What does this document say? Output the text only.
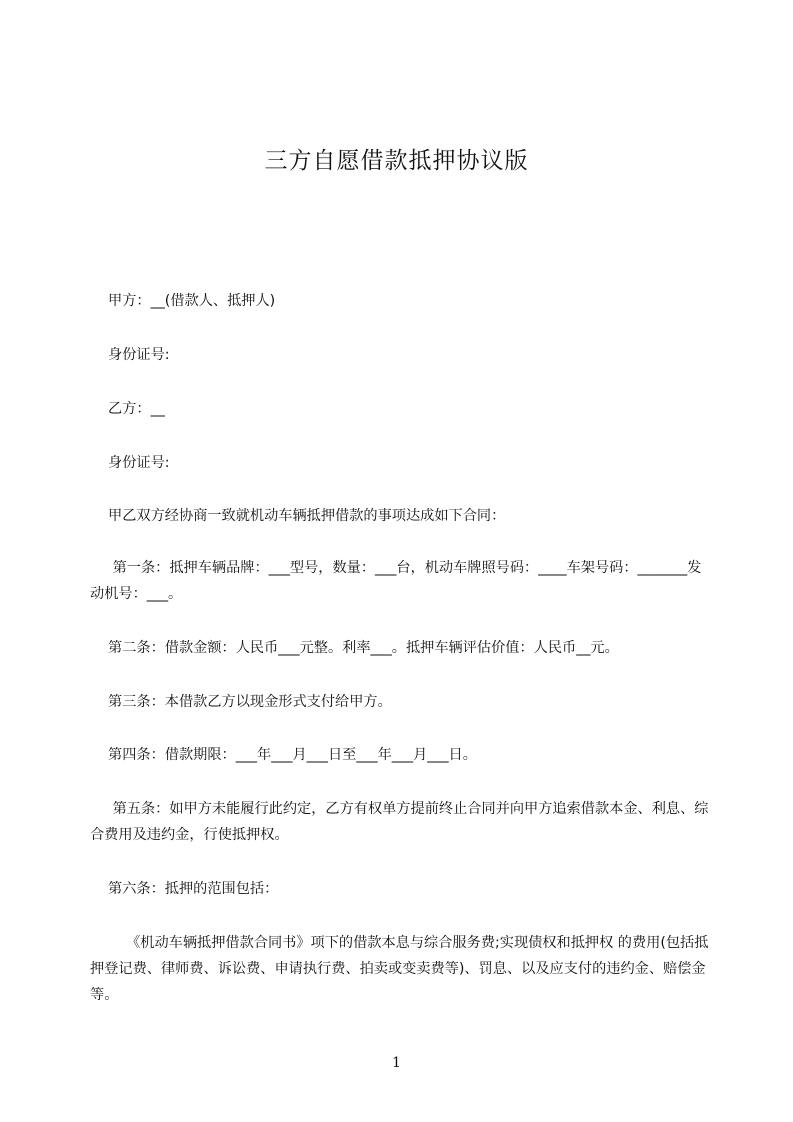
三方自愿借款抵押协议版
甲方：__(借款人、抵押人)
身份证号:
乙方：__
身份证号:
甲乙双方经协商一致就机动车辆抵押借款的事项达成如下合同：
第一条：抵押车辆品牌：___型号，数量：___台，机动车牌照号码：____车架号码：_______发动机号：___。
第二条：借款金额：人民币___元整。利率___。抵押车辆评估价值：人民币__元。
第三条：本借款乙方以现金形式支付给甲方。
第四条：借款期限：___年___月___日至___年___月___日。
第五条：如甲方未能履行此约定，乙方有权单方提前终止合同并向甲方追索借款本金、利息、综合费用及违约金，行使抵押权。
第六条：抵押的范围包括：
《机动车辆抵押借款合同书》项下的借款本息与综合服务费;实现债权和抵押权 的费用(包括抵押登记费、律师费、诉讼费、申请执行费、拍卖或变卖费等)、罚息、以及应支付的违约金、赔偿金等。
1
